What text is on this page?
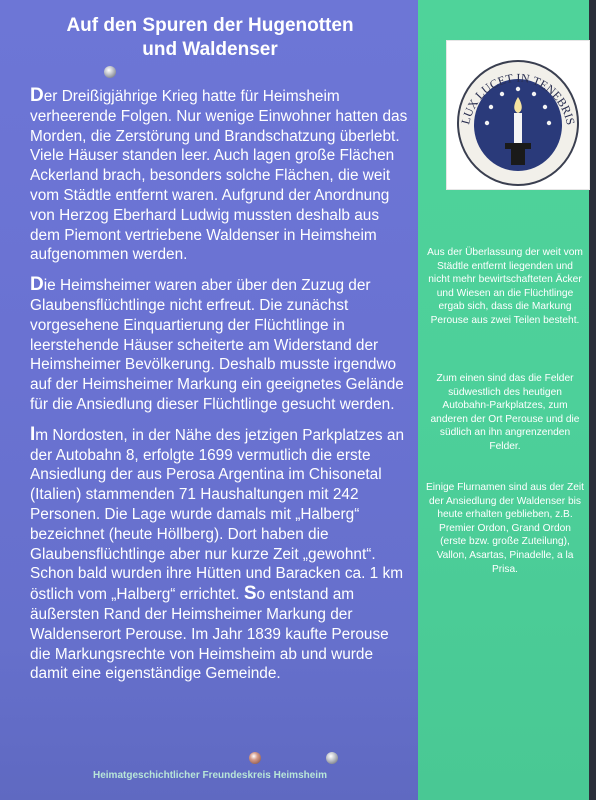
Auf den Spuren der Hugenotten
und Waldenser

Der Dreißigjährige Krieg hatte für Heimsheim verheerende Folgen. Nur wenige Einwohner hatten das Morden, die Zerstörung und Brandschatzung überlebt. Viele Häuser standen leer. Auch lagen große Flächen Ackerland brach, besonders solche Flächen, die weit vom Städtle entfernt waren. Aufgrund der Anordnung von Herzog Eberhard Ludwig mussten deshalb aus dem Piemont vertriebene Waldenser in Heimsheim aufgenommen werden.

Die Heimsheimer waren aber über den Zuzug der Glaubensflüchtlinge nicht erfreut. Die zunächst vorgesehene Einquartierung der Flüchtlinge in leerstehende Häuser scheiterte am Widerstand der Heimsheimer Bevölkerung. Deshalb musste irgendwo auf der Heimsheimer Markung ein geeignetes Gelände für die Ansiedlung dieser Flüchtlinge gesucht werden.

Im Nordosten, in der Nähe des jetzigen Parkplatzes an der Autobahn 8, erfolgte 1699 vermutlich die erste Ansiedlung der aus Perosa Argentina im Chisonetal (Italien) stammenden 71 Haushaltungen mit 242 Personen. Die Lage wurde damals mit „Halberg“ bezeichnet (heute Höllberg). Dort haben die Glaubensflüchtlinge aber nur kurze Zeit „gewohnt“. Schon bald wurden ihre Hütten und Baracken ca. 1 km östlich vom „Halberg“ errichtet. So entstand am äußersten Rand der Heimsheimer Markung der Waldenserort Perouse. Im Jahr 1839 kaufte Perouse die Markungsrechte von Heimsheim ab und wurde damit eine eigenständige Gemeinde.

Heimatgeschichtlicher Freundeskreis Heimsheim
LUX LUCET IN TENEBRIS
Aus der Überlassung der weit vom Städtle entfernt liegenden und nicht mehr bewirtschafteten Äcker und Wiesen an die Flüchtlinge ergab sich, dass die Markung Perouse aus zwei Teilen besteht.
Zum einen sind das die Felder südwestlich des heutigen Autobahn-Parkplatzes, zum anderen der Ort Perouse und die südlich an ihn angrenzenden Felder.
Einige Flurnamen sind aus der Zeit der Ansiedlung der Waldenser bis heute erhalten geblieben, z.B. Premier Ordon, Grand Ordon (erste bzw. große Zuteilung), Vallon, Asartas, Pinadelle, a la Prisa.
